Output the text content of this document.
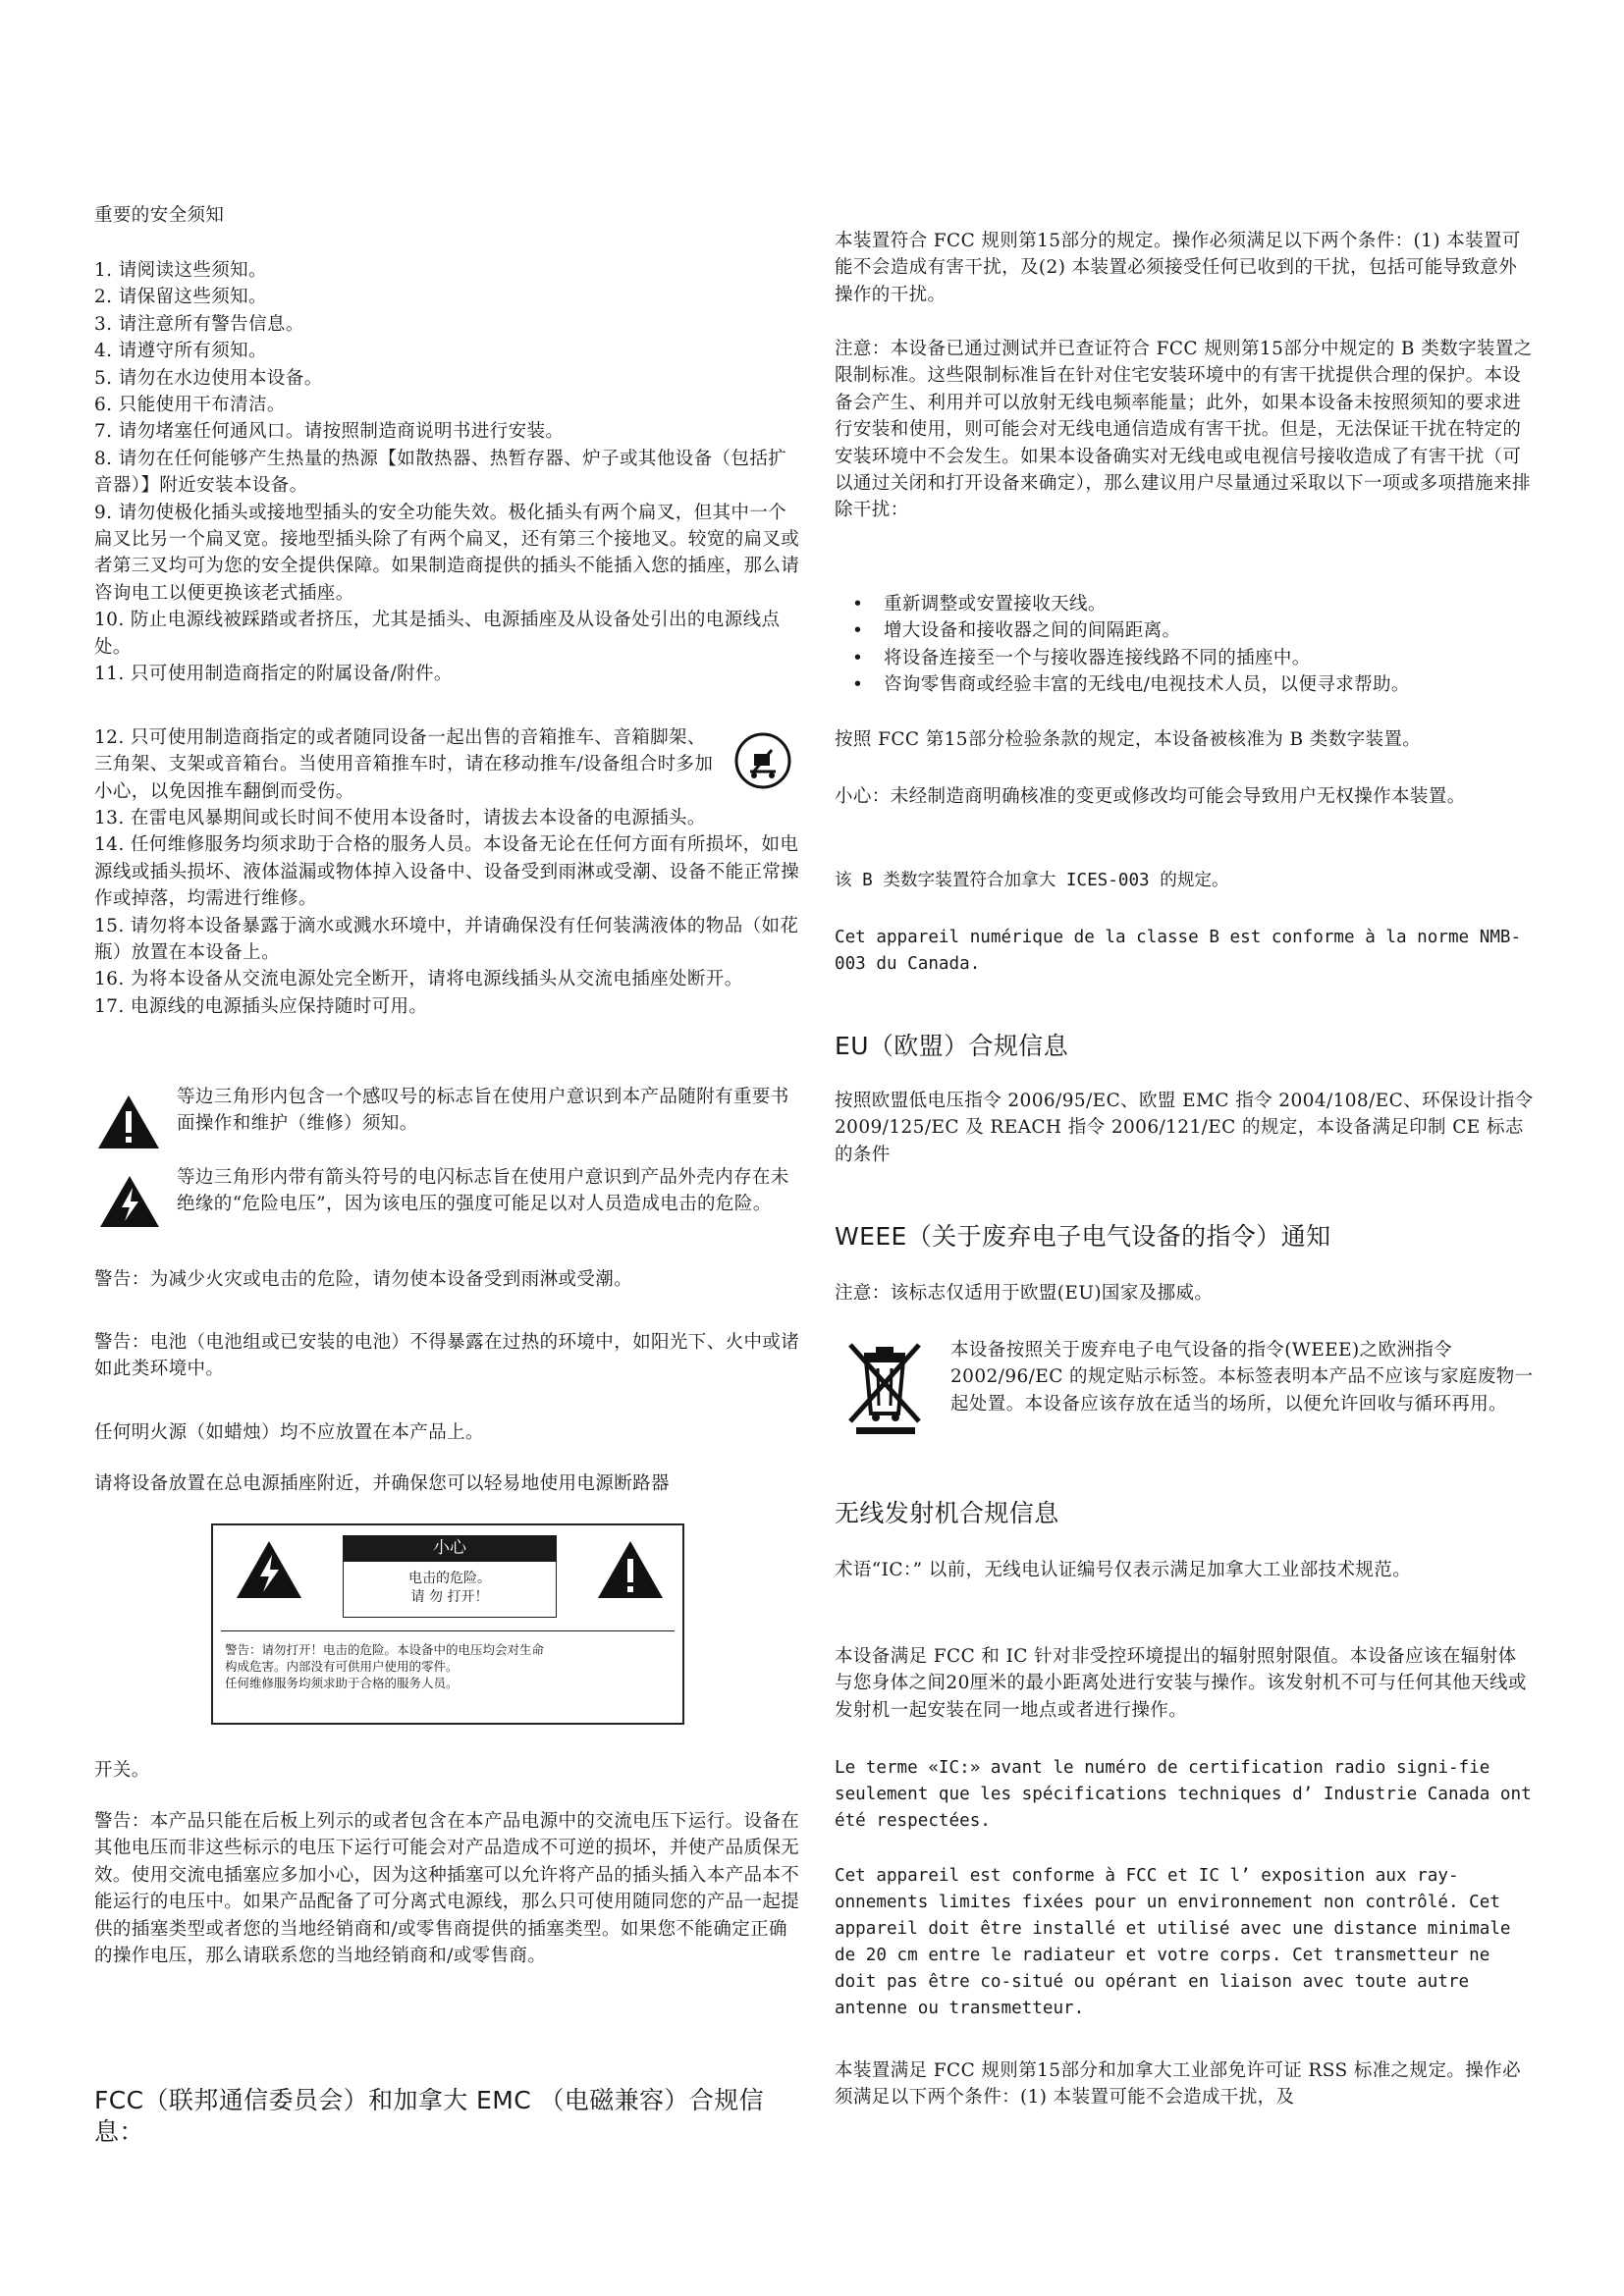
重要的安全须知
1. 请阅读这些须知。
2. 请保留这些须知。
3. 请注意所有警告信息。
4. 请遵守所有须知。
5. 请勿在水边使用本设备。
6. 只能使用干布清洁。
7. 请勿堵塞任何通风口。请按照制造商说明书进行安装。
8. 请勿在任何能够产生热量的热源【如散热器、热暂存器、炉子或其他设备（包括扩音器）】附近安装本设备。
9. 请勿使极化插头或接地型插头的安全功能失效。极化插头有两个扁叉，但其中一个扁叉比另一个扁叉宽。接地型插头除了有两个扁叉，还有第三个接地叉。较宽的扁叉或者第三叉均可为您的安全提供保障。如果制造商提供的插头不能插入您的插座，那么请咨询电工以便更换该老式插座。
10. 防止电源线被踩踏或者挤压，尤其是插头、电源插座及从设备处引出的电源线点处。
11. 只可使用制造商指定的附属设备/附件。
12. 只可使用制造商指定的或者随同设备一起出售的音箱推车、音箱脚架、三角架、支架或音箱台。当使用音箱推车时，请在移动推车/设备组合时多加小心，以免因推车翻倒而受伤。
13. 在雷电风暴期间或长时间不使用本设备时，请拔去本设备的电源插头。
14. 任何维修服务均须求助于合格的服务人员。本设备无论在任何方面有所损坏，如电源线或插头损坏、液体溢漏或物体掉入设备中、设备受到雨淋或受潮、设备不能正常操作或掉落，均需进行维修。
15. 请勿将本设备暴露于滴水或溅水环境中，并请确保没有任何装满液体的物品（如花瓶）放置在本设备上。
16. 为将本设备从交流电源处完全断开，请将电源线插头从交流电插座处断开。
17. 电源线的电源插头应保持随时可用。
等边三角形内包含一个感叹号的标志旨在使用户意识到本产品随附有重要书面操作和维护（维修）须知。
等边三角形内带有箭头符号的电闪标志旨在使用户意识到产品外壳内存在未绝缘的“危险电压”，因为该电压的强度可能足以对人员造成电击的危险。
警告：为减少火灾或电击的危险，请勿使本设备受到雨淋或受潮。
警告：电池（电池组或已安装的电池）不得暴露在过热的环境中，如阳光下、火中或诸如此类环境中。
任何明火源（如蜡烛）均不应放置在本产品上。
请将设备放置在总电源插座附近，并确保您可以轻易地使用电源断路器
小心
电击的危险。
请 勿 打开！
警告：请勿打开！电击的危险。本设备中的电压均会对生命
构成危害。内部没有可供用户使用的零件。
任何维修服务均须求助于合格的服务人员。
开关。
警告：本产品只能在后板上列示的或者包含在本产品电源中的交流电压下运行。设备在其他电压而非这些标示的电压下运行可能会对产品造成不可逆的损坏，并使产品质保无效。使用交流电插塞应多加小心，因为这种插塞可以允许将产品的插头插入本产品本不能运行的电压中。如果产品配备了可分离式电源线，那么只可使用随同您的产品一起提供的插塞类型或者您的当地经销商和/或零售商提供的插塞类型。如果您不能确定正确的操作电压，那么请联系您的当地经销商和/或零售商。
FCC（联邦通信委员会）和加拿大 EMC （电磁兼容）合规信息：
本装置符合 FCC 规则第15部分的规定。操作必须满足以下两个条件：(1) 本装置可能不会造成有害干扰，及(2) 本装置必须接受任何已收到的干扰，包括可能导致意外操作的干扰。
注意：本设备已通过测试并已查证符合 FCC 规则第15部分中规定的 B 类数字装置之限制标准。这些限制标准旨在针对住宅安装环境中的有害干扰提供合理的保护。本设备会产生、利用并可以放射无线电频率能量；此外，如果本设备未按照须知的要求进行安装和使用，则可能会对无线电通信造成有害干扰。但是，无法保证干扰在特定的安装环境中不会发生。如果本设备确实对无线电或电视信号接收造成了有害干扰（可以通过关闭和打开设备来确定），那么建议用户尽量通过采取以下一项或多项措施来排除干扰：
• 重新调整或安置接收天线。
• 增大设备和接收器之间的间隔距离。
• 将设备连接至一个与接收器连接线路不同的插座中。
• 咨询零售商或经验丰富的无线电/电视技术人员，以便寻求帮助。
按照 FCC 第15部分检验条款的规定，本设备被核准为 B 类数字装置。
小心：未经制造商明确核准的变更或修改均可能会导致用户无权操作本装置。
该 B 类数字装置符合加拿大 ICES-003 的规定。
Cet appareil numérique de la classe B est conforme à la norme NMB-003 du Canada.
EU（欧盟）合规信息
按照欧盟低电压指令 2006/95/EC、欧盟 EMC 指令 2004/108/EC、环保设计指令 2009/125/EC 及 REACH 指令 2006/121/EC 的规定，本设备满足印制 CE 标志的条件
WEEE（关于废弃电子电气设备的指令）通知
注意：该标志仅适用于欧盟(EU)国家及挪威。
本设备按照关于废弃电子电气设备的指令(WEEE)之欧洲指令2002/96/EC 的规定贴示标签。本标签表明本产品不应该与家庭废物一起处置。本设备应该存放在适当的场所，以便允许回收与循环再用。
无线发射机合规信息
术语“IC：” 以前，无线电认证编号仅表示满足加拿大工业部技术规范。
本设备满足 FCC 和 IC 针对非受控环境提出的辐射照射限值。本设备应该在辐射体与您身体之间20厘米的最小距离处进行安装与操作。该发射机不可与任何其他天线或发射机一起安装在同一地点或者进行操作。
Le terme «IC:» avant le numéro de certification radio signi-fie seulement que les spécifications techniques d’ Industrie Canada ont été respectées.
Cet appareil est conforme à FCC et IC l’ exposition aux ray-onnements limites fixées pour un environnement non contrôlé. Cet appareil doit être installé et utilisé avec une distance minimale de 20 cm entre le radiateur et votre corps. Cet transmetteur ne doit pas être co-situé ou opérant en liaison avec toute autre antenne ou transmetteur.
本装置满足 FCC 规则第15部分和加拿大工业部免许可证 RSS 标准之规定。操作必须满足以下两个条件：(1) 本装置可能不会造成干扰，及
